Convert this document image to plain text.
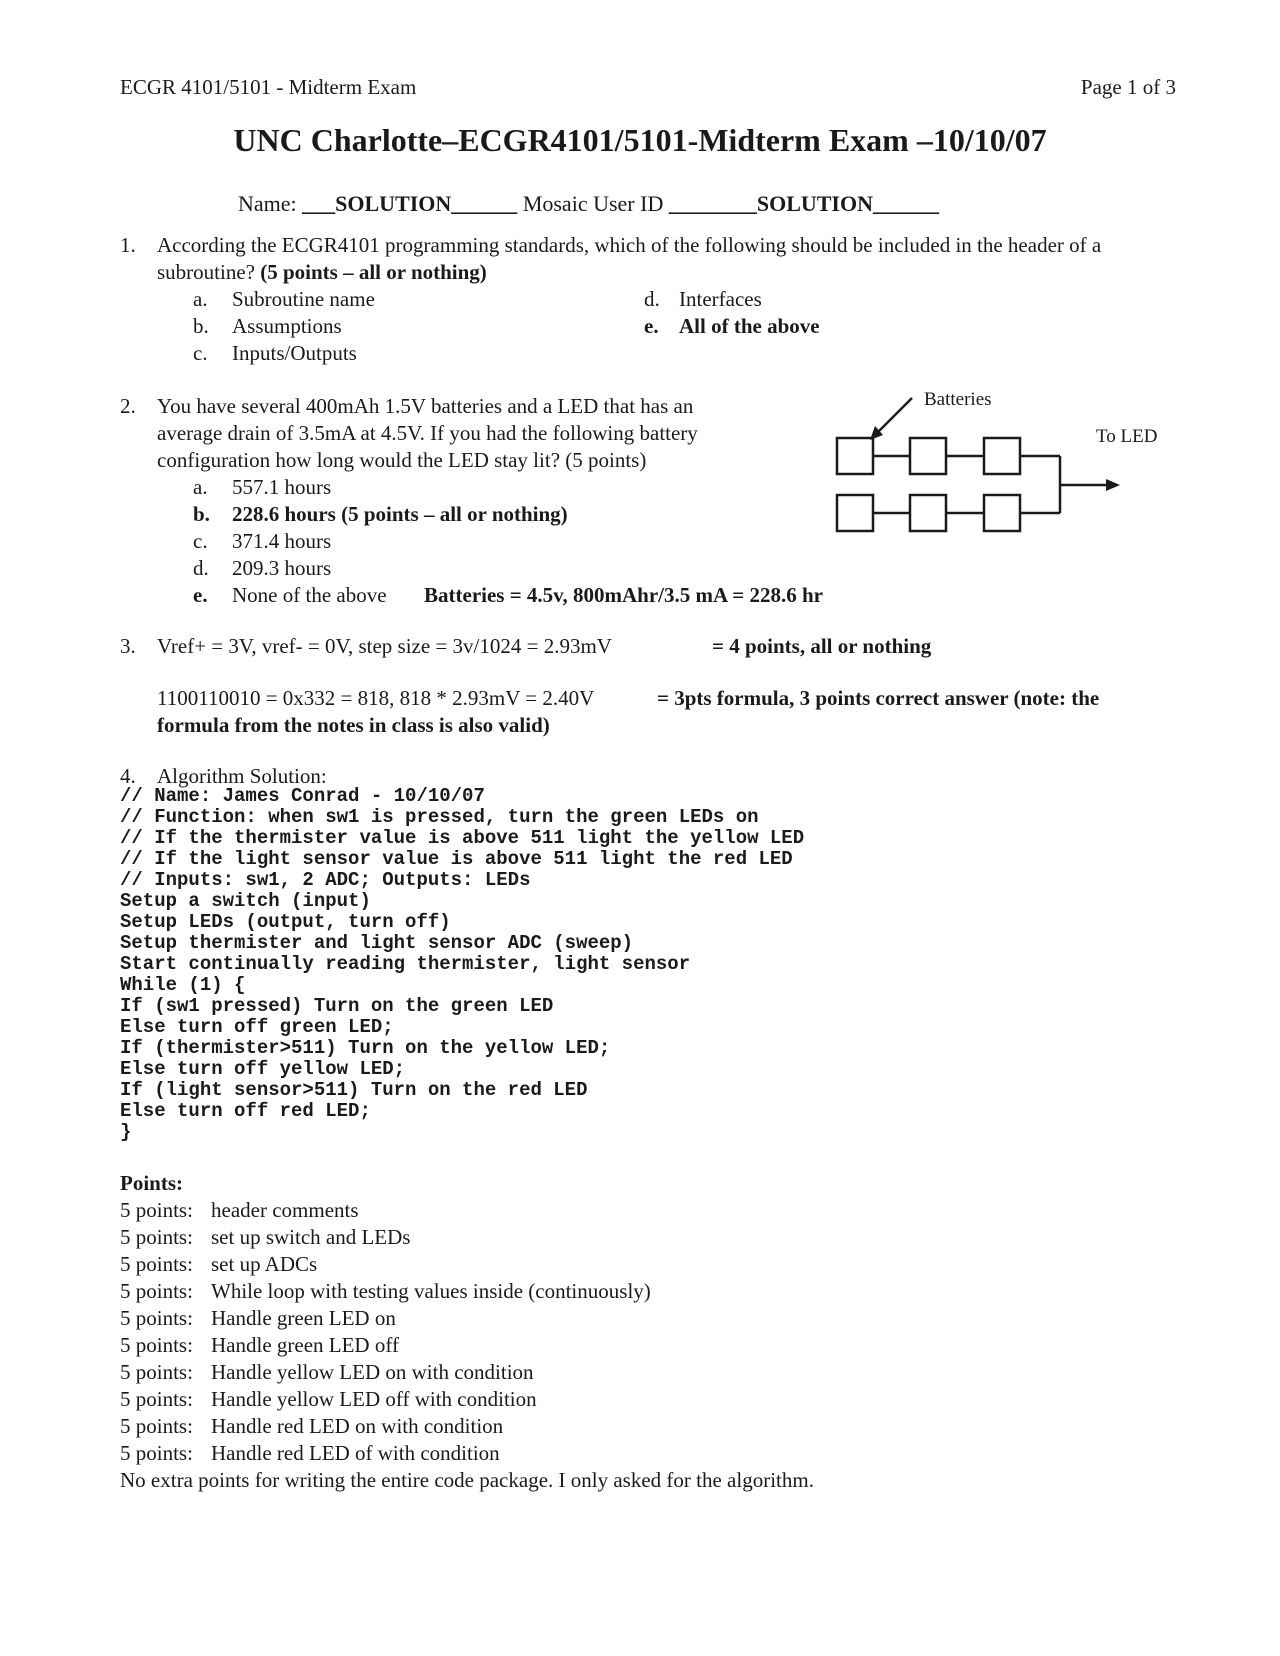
ECGR 4101/5101 - Midterm Exam	Page 1 of 3
UNC Charlotte–ECGR4101/5101-Midterm Exam –10/10/07
Name: ___SOLUTION______ Mosaic User ID ________SOLUTION______
1. According the ECGR4101 programming standards, which of the following should be included in the header of a
subroutine? (5 points – all or nothing)
a. Subroutine name
b. Assumptions
c. Inputs/Outputs
d. Interfaces
e. All of the above
2. You have several 400mAh 1.5V batteries and a LED that has an
average drain of 3.5mA at 4.5V. If you had the following battery
configuration how long would the LED stay lit? (5 points)
a. 557.1 hours
b. 228.6 hours (5 points – all or nothing)
c. 371.4 hours
d. 209.3 hours
e. None of the above Batteries = 4.5v, 800mAhr/3.5 mA = 228.6 hr
Batteries
To LED
3. Vref+ = 3V, vref- = 0V, step size = 3v/1024 = 2.93mV	= 4 points, all or nothing
1100110010 = 0x332 = 818, 818 * 2.93mV = 2.40V	= 3pts formula, 3 points correct answer (note: the
formula from the notes in class is also valid)
4. Algorithm Solution:
// Name: James Conrad - 10/10/07
// Function: when sw1 is pressed, turn the green LEDs on
// If the thermister value is above 511 light the yellow LED
// If the light sensor value is above 511 light the red LED
// Inputs: sw1, 2 ADC; Outputs: LEDs
Setup a switch (input)
Setup LEDs (output, turn off)
Setup thermister and light sensor ADC (sweep)
Start continually reading thermister, light sensor
While (1) {
If (sw1 pressed) Turn on the green LED
Else turn off green LED;
If (thermister>511) Turn on the yellow LED;
Else turn off yellow LED;
If (light sensor>511) Turn on the red LED
Else turn off red LED;
}
Points:
5 points: header comments
5 points: set up switch and LEDs
5 points: set up ADCs
5 points: While loop with testing values inside (continuously)
5 points: Handle green LED on
5 points: Handle green LED off
5 points: Handle yellow LED on with condition
5 points: Handle yellow LED off with condition
5 points: Handle red LED on with condition
5 points: Handle red LED of with condition
No extra points for writing the entire code package. I only asked for the algorithm.
